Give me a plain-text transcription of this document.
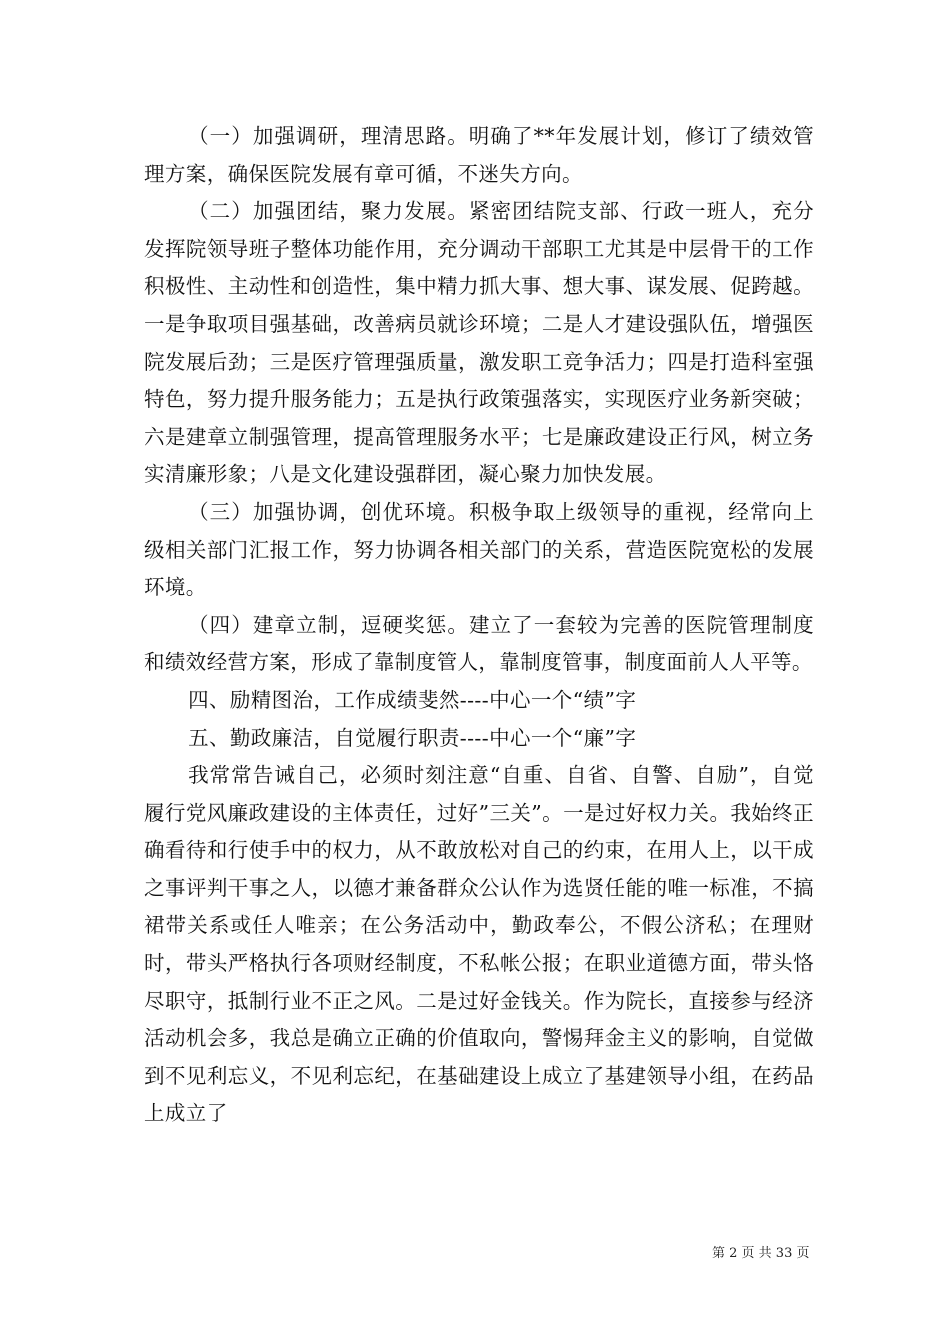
（一）加强调研，理清思路。明确了**年发展计划，修订了绩效管理方案，确保医院发展有章可循，不迷失方向。

（二）加强团结，聚力发展。紧密团结院支部、行政一班人，充分发挥院领导班子整体功能作用，充分调动干部职工尤其是中层骨干的工作积极性、主动性和创造性，集中精力抓大事、想大事、谋发展、促跨越。一是争取项目强基础，改善病员就诊环境；二是人才建设强队伍，增强医院发展后劲；三是医疗管理强质量，激发职工竞争活力；四是打造科室强特色，努力提升服务能力；五是执行政策强落实，实现医疗业务新突破；六是建章立制强管理，提高管理服务水平；七是廉政建设正行风，树立务实清廉形象；八是文化建设强群团，凝心聚力加快发展。

（三）加强协调，创优环境。积极争取上级领导的重视，经常向上级相关部门汇报工作，努力协调各相关部门的关系，营造医院宽松的发展环境。

（四）建章立制，逗硬奖惩。建立了一套较为完善的医院管理制度和绩效经营方案，形成了靠制度管人，靠制度管事，制度面前人人平等。

四、励精图治，工作成绩斐然----中心一个“绩”字

五、勤政廉洁，自觉履行职责----中心一个“廉”字

我常常告诫自己，必须时刻注意“自重、自省、自警、自励”，自觉履行党风廉政建设的主体责任，过好”三关”。一是过好权力关。我始终正确看待和行使手中的权力，从不敢放松对自己的约束，在用人上，以干成之事评判干事之人，以德才兼备群众公认作为选贤任能的唯一标准，不搞裙带关系或任人唯亲；在公务活动中，勤政奉公，不假公济私；在理财时，带头严格执行各项财经制度，不私帐公报；在职业道德方面，带头恪尽职守，抵制行业不正之风。二是过好金钱关。作为院长，直接参与经济活动机会多，我总是确立正确的价值取向，警惕拜金主义的影响，自觉做到不见利忘义，不见利忘纪，在基础建设上成立了基建领导小组，在药品上成立了

第 2 页 共 33 页
